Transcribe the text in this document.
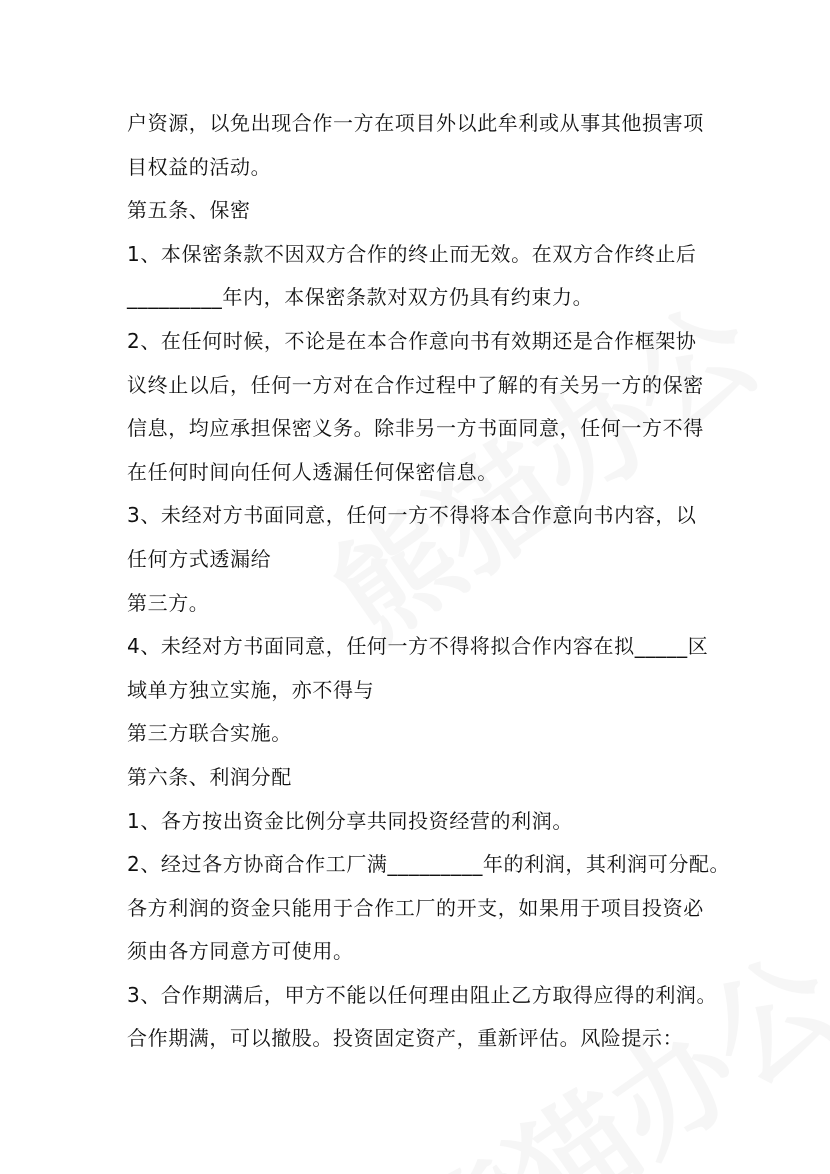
户资源，以免出现合作一方在项目外以此牟利或从事其他损害项
目权益的活动。
第五条、保密
1、本保密条款不因双方合作的终止而无效。在双方合作终止后
_________年内，本保密条款对双方仍具有约束力。
2、在任何时候，不论是在本合作意向书有效期还是合作框架协
议终止以后，任何一方对在合作过程中了解的有关另一方的保密
信息，均应承担保密义务。除非另一方书面同意，任何一方不得
在任何时间向任何人透漏任何保密信息。
3、未经对方书面同意，任何一方不得将本合作意向书内容，以
任何方式透漏给
第三方。
4、未经对方书面同意，任何一方不得将拟合作内容在拟_____区
域单方独立实施，亦不得与
第三方联合实施。
第六条、利润分配
1、各方按出资金比例分享共同投资经营的利润。
2、经过各方协商合作工厂满_________年的利润，其利润可分配。
各方利润的资金只能用于合作工厂的开支，如果用于项目投资必
须由各方同意方可使用。
3、合作期满后，甲方不能以任何理由阻止乙方取得应得的利润。
合作期满，可以撤股。投资固定资产，重新评估。风险提示：
